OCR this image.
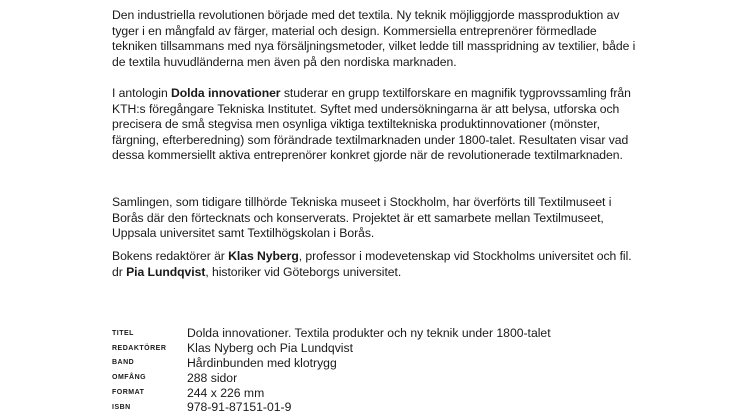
Den industriella revolutionen började med det textila. Ny teknik möjliggjorde massproduktion av tyger i en mångfald av färger, material och design. Kommersiella entreprenörer förmedlade tekniken tillsammans med nya försäljningsmetoder, vilket ledde till masspridning av textilier, både i de textila huvudländerna men även på den nordiska marknaden.

I antologin Dolda innovationer studerar en grupp textilforskare en magnifik tygprovssamling från KTH:s föregångare Tekniska Institutet. Syftet med undersökningarna är att belysa, utforska och precisera de små stegvisa men osynliga viktiga textiltekniska produktinnovationer (mönster, färgning, efterberedning) som förändrade textilmarknaden under 1800-talet. Resultaten visar vad dessa kommersiellt aktiva entreprenörer konkret gjorde när de revolutionerade textilmarknaden.

Samlingen, som tidigare tillhörde Tekniska museet i Stockholm, har överförts till Textilmuseet i Borås där den förtecknats och konserverats. Projektet är ett samarbete mellan Textilmuseet, Uppsala universitet samt Textilhögskolan i Borås.

Bokens redaktörer är Klas Nyberg, professor i modevetenskap vid Stockholms universitet och fil. dr Pia Lundqvist, historiker vid Göteborgs universitet.

TITEL	Dolda innovationer. Textila produkter och ny teknik under 1800-talet
REDAKTÖRER	Klas Nyberg och Pia Lundqvist
BAND	Hårdinbunden med klotrygg
OMFÅNG	288 sidor
FORMAT	244 x 226 mm
ISBN	978-91-87151-01-9
